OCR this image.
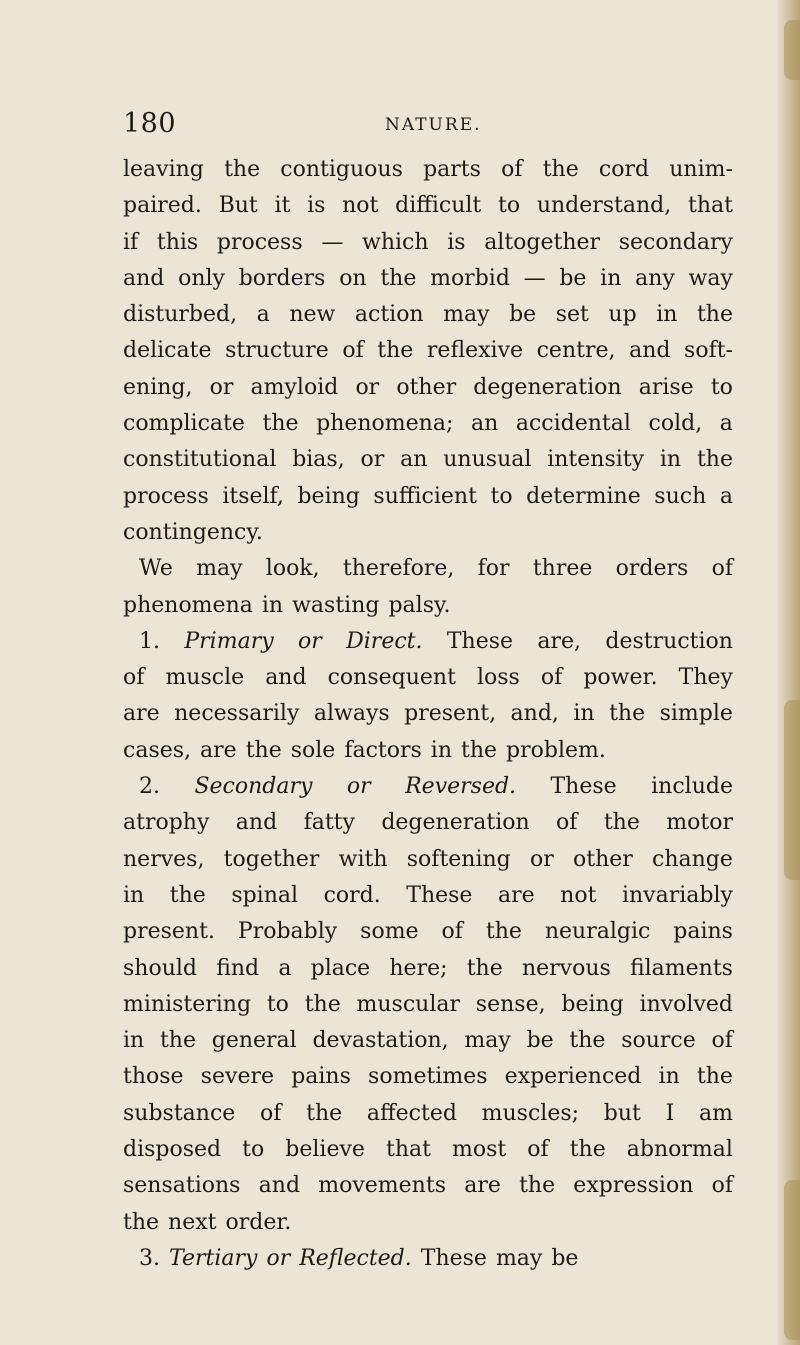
180	NATURE.
leaving the contiguous parts of the cord unim-
paired. But it is not difficult to understand, that
if this process — which is altogether secondary
and only borders on the morbid — be in any way
disturbed, a new action may be set up in the
delicate structure of the reflexive centre, and soft-
ening, or amyloid or other degeneration arise to
complicate the phenomena; an accidental cold, a
constitutional bias, or an unusual intensity in the
process itself, being sufficient to determine such a
contingency.
We may look, therefore, for three orders of
phenomena in wasting palsy.
1. Primary or Direct. These are, destruction
of muscle and consequent loss of power. They
are necessarily always present, and, in the simple
cases, are the sole factors in the problem.
2. Secondary or Reversed. These include
atrophy and fatty degeneration of the motor
nerves, together with softening or other change
in the spinal cord. These are not invariably
present. Probably some of the neuralgic pains
should find a place here; the nervous filaments
ministering to the muscular sense, being involved
in the general devastation, may be the source of
those severe pains sometimes experienced in the
substance of the affected muscles; but I am
disposed to believe that most of the abnormal
sensations and movements are the expression of
the next order.
3. Tertiary or Reflected. These may be
